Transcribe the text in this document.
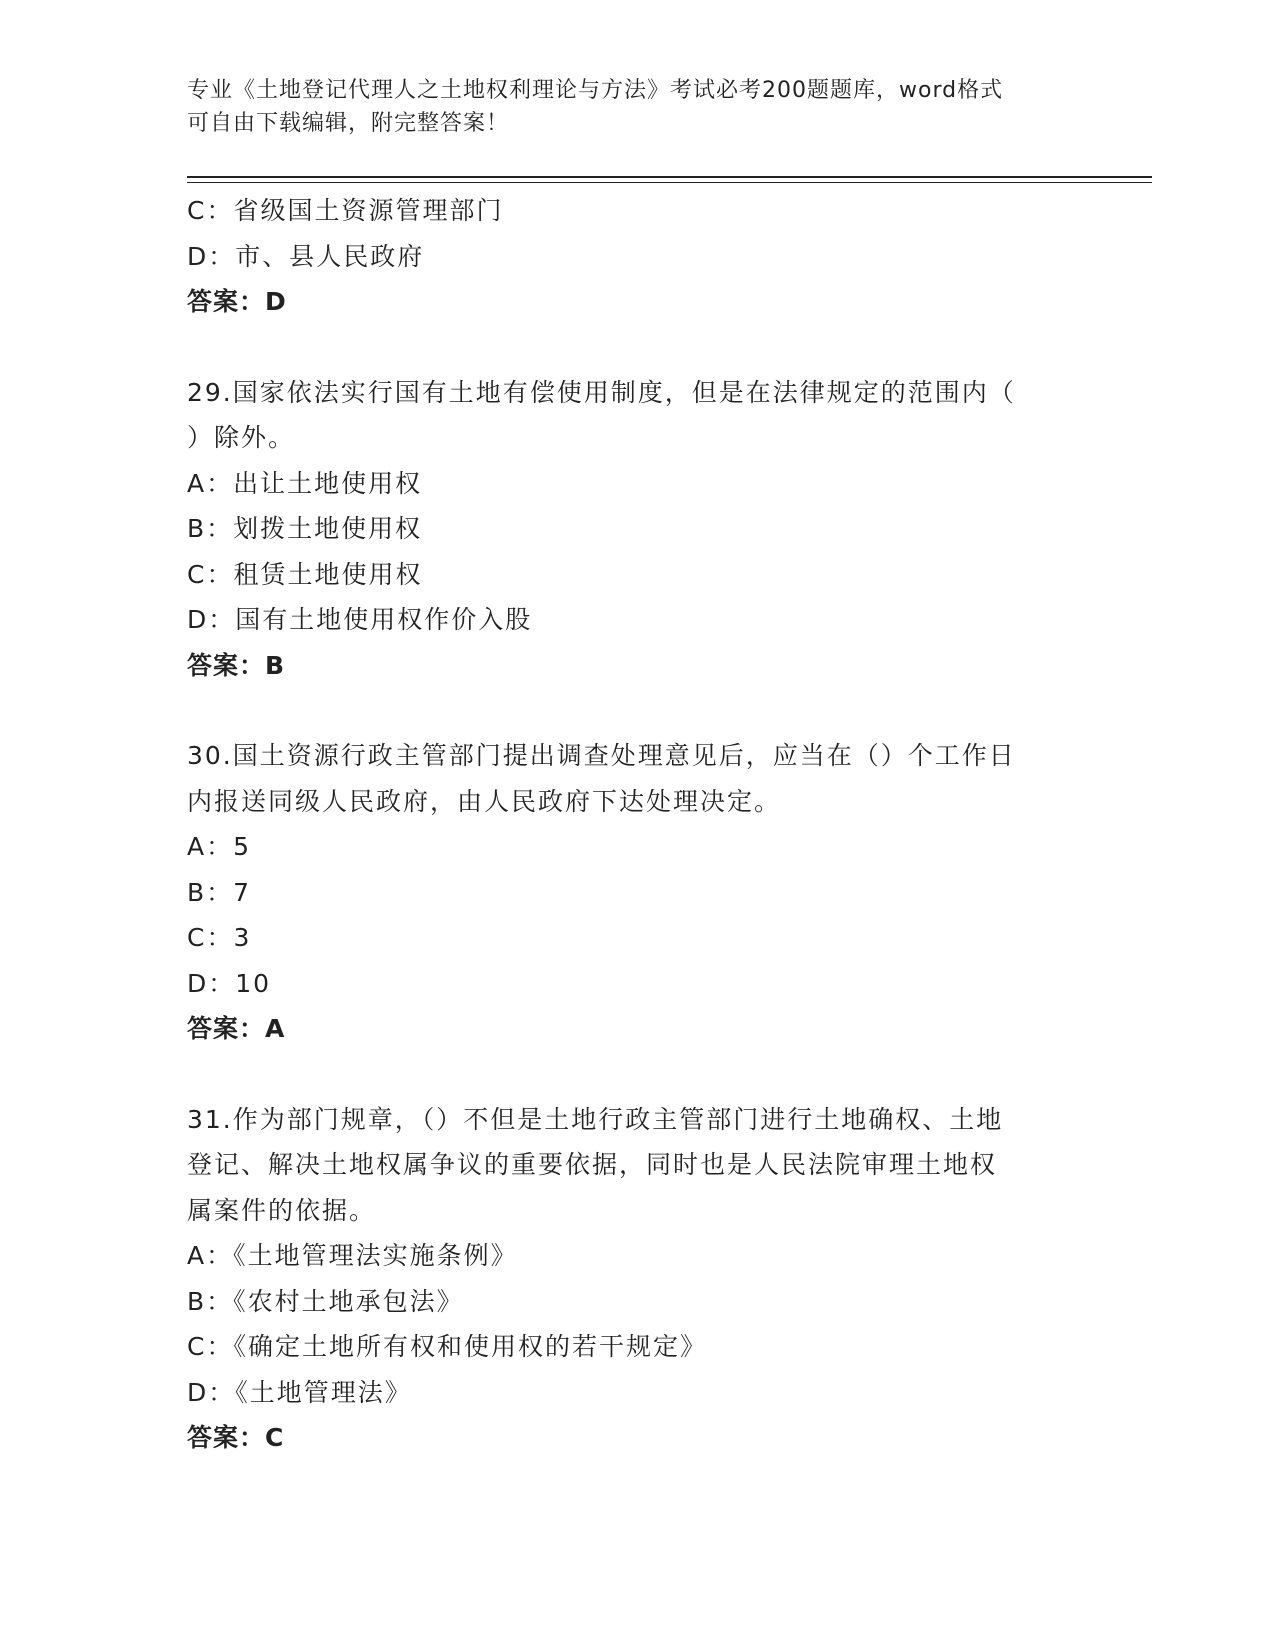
专业《土地登记代理人之土地权利理论与方法》考试必考200题题库，word格式
可自由下载编辑，附完整答案！
C：省级国土资源管理部门
D：市、县人民政府
答案：D
29.国家依法实行国有土地有偿使用制度，但是在法律规定的范围内（
）除外。
A：出让土地使用权
B：划拨土地使用权
C：租赁土地使用权
D：国有土地使用权作价入股
答案：B
30.国土资源行政主管部门提出调查处理意见后，应当在（）个工作日
内报送同级人民政府，由人民政府下达处理决定。
A：5
B：7
C：3
D：10
答案：A
31.作为部门规章，（）不但是土地行政主管部门进行土地确权、土地
登记、解决土地权属争议的重要依据，同时也是人民法院审理土地权
属案件的依据。
A：《土地管理法实施条例》
B：《农村土地承包法》
C：《确定土地所有权和使用权的若干规定》
D：《土地管理法》
答案：C
